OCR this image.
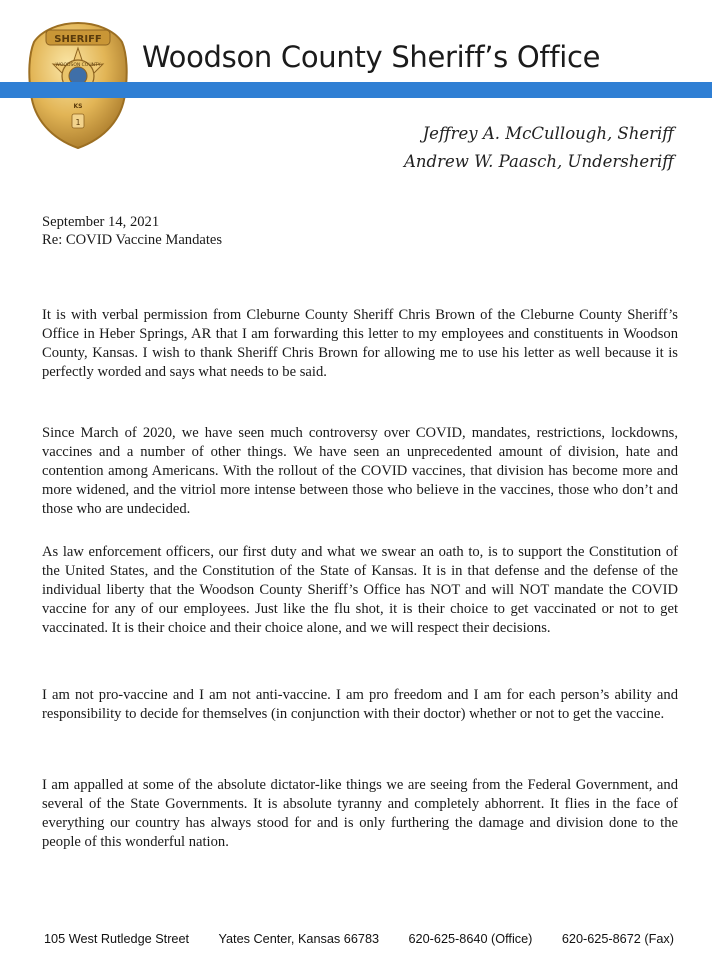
SHERIFF
WOODSON COUNTY
KS
1
Woodson County Sheriff’s Office
Jeffrey A. McCullough, Sheriff
Andrew W. Paasch, Undersheriff
September 14, 2021
Re: COVID Vaccine Mandates

It is with verbal permission from Cleburne County Sheriff Chris Brown of the Cleburne County Sheriff’s Office in Heber Springs, AR that I am forwarding this letter to my employees and constituents in Woodson County, Kansas. I wish to thank Sheriff Chris Brown for allowing me to use his letter as well because it is perfectly worded and says what needs to be said.

Since March of 2020, we have seen much controversy over COVID, mandates, restrictions, lockdowns, vaccines and a number of other things. We have seen an unprecedented amount of division, hate and contention among Americans. With the rollout of the COVID vaccines, that division has become more and more widened, and the vitriol more intense between those who believe in the vaccines, those who don’t and those who are undecided.

As law enforcement officers, our first duty and what we swear an oath to, is to support the Constitution of the United States, and the Constitution of the State of Kansas. It is in that defense and the defense of the individual liberty that the Woodson County Sheriff’s Office has NOT and will NOT mandate the COVID vaccine for any of our employees. Just like the flu shot, it is their choice to get vaccinated or not to get vaccinated. It is their choice and their choice alone, and we will respect their decisions.

I am not pro-vaccine and I am not anti-vaccine. I am pro freedom and I am for each person’s ability and responsibility to decide for themselves (in conjunction with their doctor) whether or not to get the vaccine.

I am appalled at some of the absolute dictator-like things we are seeing from the Federal Government, and several of the State Governments. It is absolute tyranny and completely abhorrent. It flies in the face of everything our country has always stood for and is only furthering the damage and division done to the people of this wonderful nation.

105 West Rutledge Street Yates Center, Kansas 66783 620-625-8640 (Office) 620-625-8672 (Fax)
